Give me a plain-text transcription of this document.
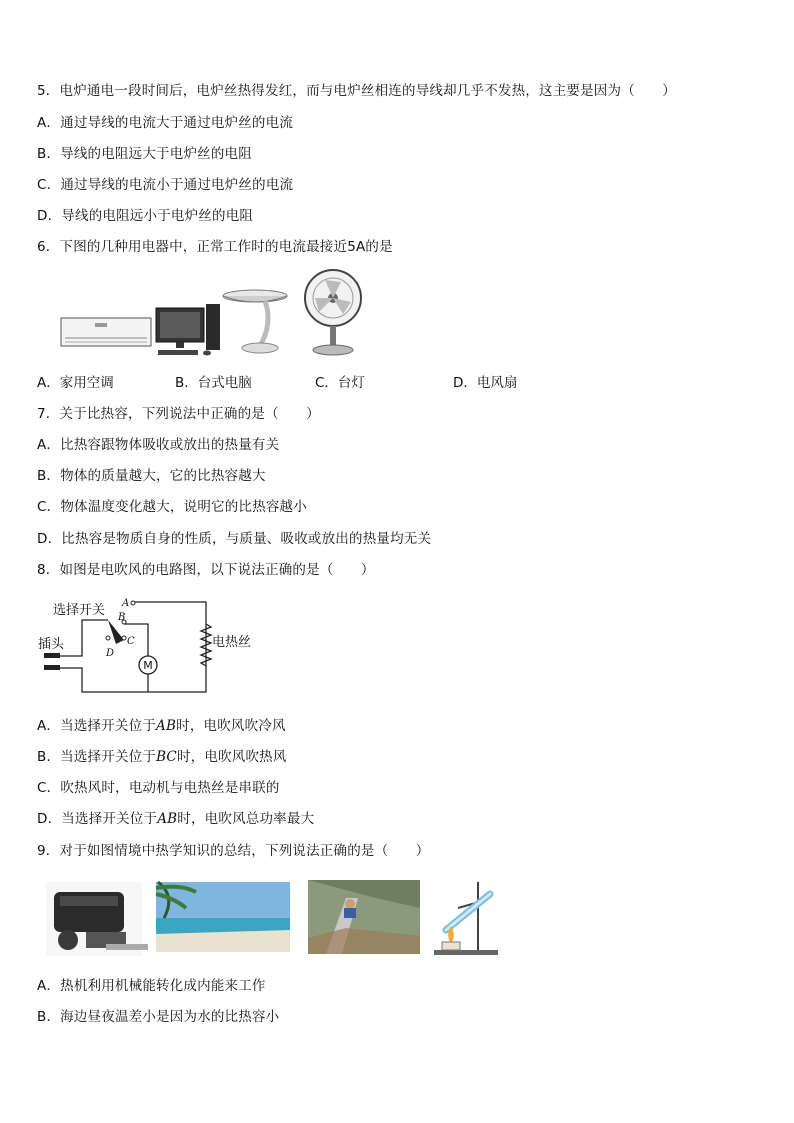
5．电炉通电一段时间后，电炉丝热得发红，而与电炉丝相连的导线却几乎不发热，这主要是因为（　　）
A．通过导线的电流大于通过电炉丝的电流
B．导线的电阻远大于电炉丝的电阻
C．通过导线的电流小于通过电炉丝的电流
D．导线的电阻远小于电炉丝的电阻
6．下图的几种用电器中，正常工作时的电流最接近5A的是
A．家用空调	B．台式电脑	C．台灯	D．电风扇
7．关于比热容，下列说法中正确的是（　　）
A．比热容跟物体吸收或放出的热量有关
B．物体的质量越大，它的比热容越大
C．物体温度变化越大，说明它的比热容越小
D．比热容是物质自身的性质，与质量、吸收或放出的热量均无关
8．如图是电吹风的电路图，以下说法正确的是（　　）
M
选择开关
插头	电热丝
A
B
C
D
A．当选择开关位于AB时，电吹风吹冷风
B．当选择开关位于BC时，电吹风吹热风
C．吹热风时，电动机与电热丝是串联的
D．当选择开关位于AB时，电吹风总功率最大
9．对于如图情境中热学知识的总结，下列说法正确的是（　　）
A．热机利用机械能转化成内能来工作
B．海边昼夜温差小是因为水的比热容小
